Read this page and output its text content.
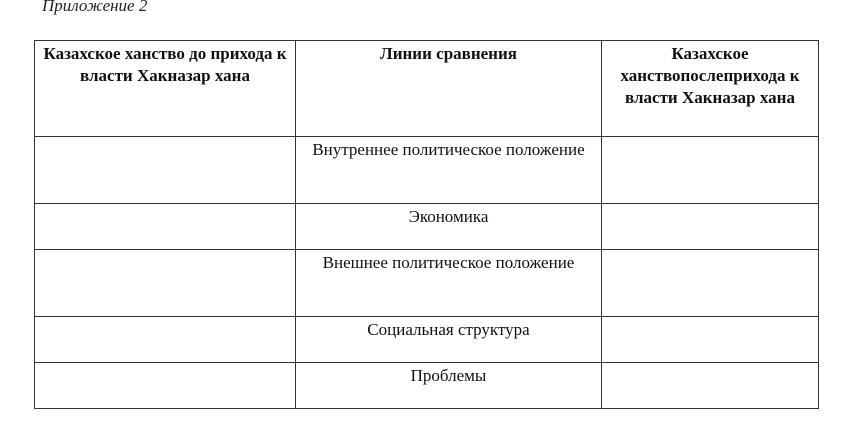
Приложение 2
Казахское ханство до прихода к власти Хакназар хана	Линии сравнения	Казахское ханствопослеприхода к власти Хакназар хана
	Внутреннее политическое положение	
	Экономика	
	Внешнее политическое положение	
	Социальная структура	
	Проблемы	
